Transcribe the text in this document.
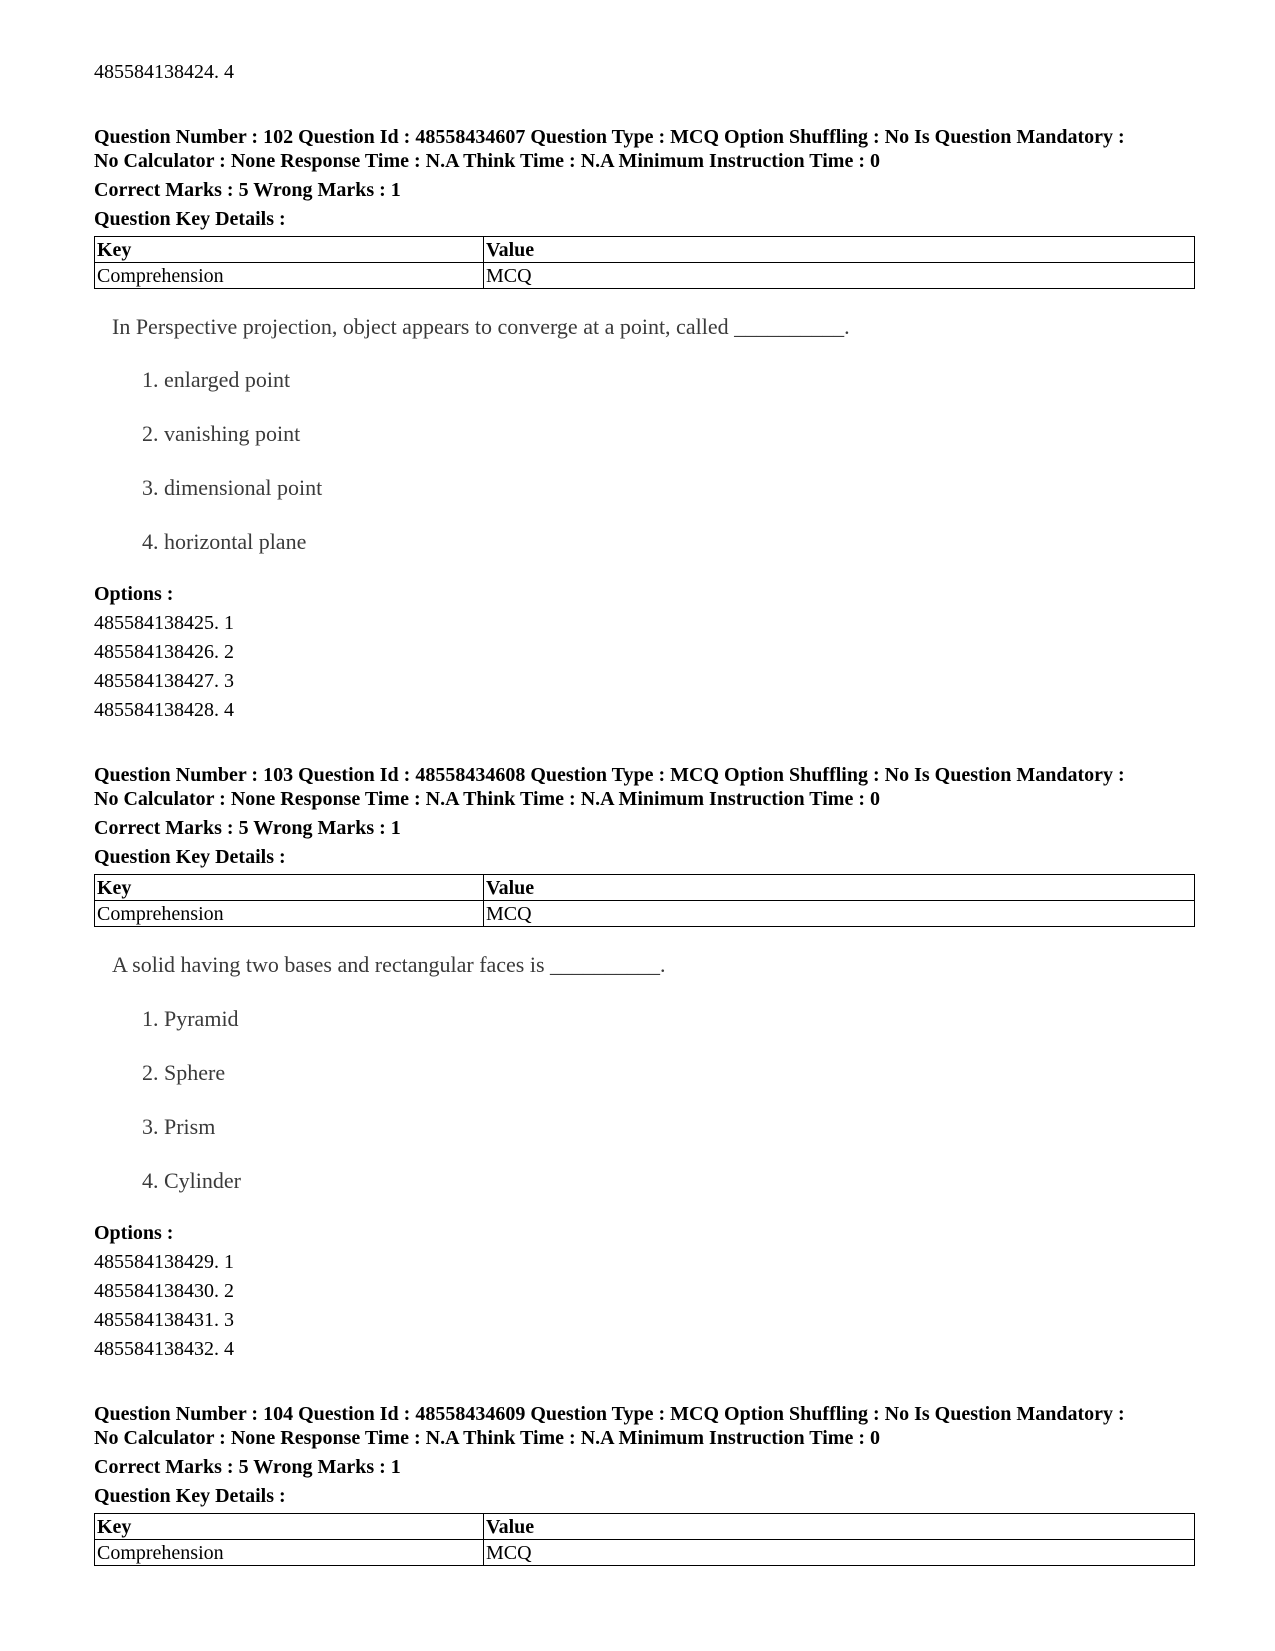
485584138424. 4
Question Number : 102 Question Id : 48558434607 Question Type : MCQ Option Shuffling : No Is Question Mandatory :
No Calculator : None Response Time : N.A Think Time : N.A Minimum Instruction Time : 0
Correct Marks : 5 Wrong Marks : 1
Question Key Details :
Key	Value
Comprehension	MCQ
In Perspective projection, object appears to converge at a point, called __________.
1. enlarged point
2. vanishing point
3. dimensional point
4. horizontal plane
Options :
485584138425. 1
485584138426. 2
485584138427. 3
485584138428. 4
Question Number : 103 Question Id : 48558434608 Question Type : MCQ Option Shuffling : No Is Question Mandatory :
No Calculator : None Response Time : N.A Think Time : N.A Minimum Instruction Time : 0
Correct Marks : 5 Wrong Marks : 1
Question Key Details :
Key	Value
Comprehension	MCQ
A solid having two bases and rectangular faces is __________.
1. Pyramid
2. Sphere
3. Prism
4. Cylinder
Options :
485584138429. 1
485584138430. 2
485584138431. 3
485584138432. 4
Question Number : 104 Question Id : 48558434609 Question Type : MCQ Option Shuffling : No Is Question Mandatory :
No Calculator : None Response Time : N.A Think Time : N.A Minimum Instruction Time : 0
Correct Marks : 5 Wrong Marks : 1
Question Key Details :
Key	Value
Comprehension	MCQ
